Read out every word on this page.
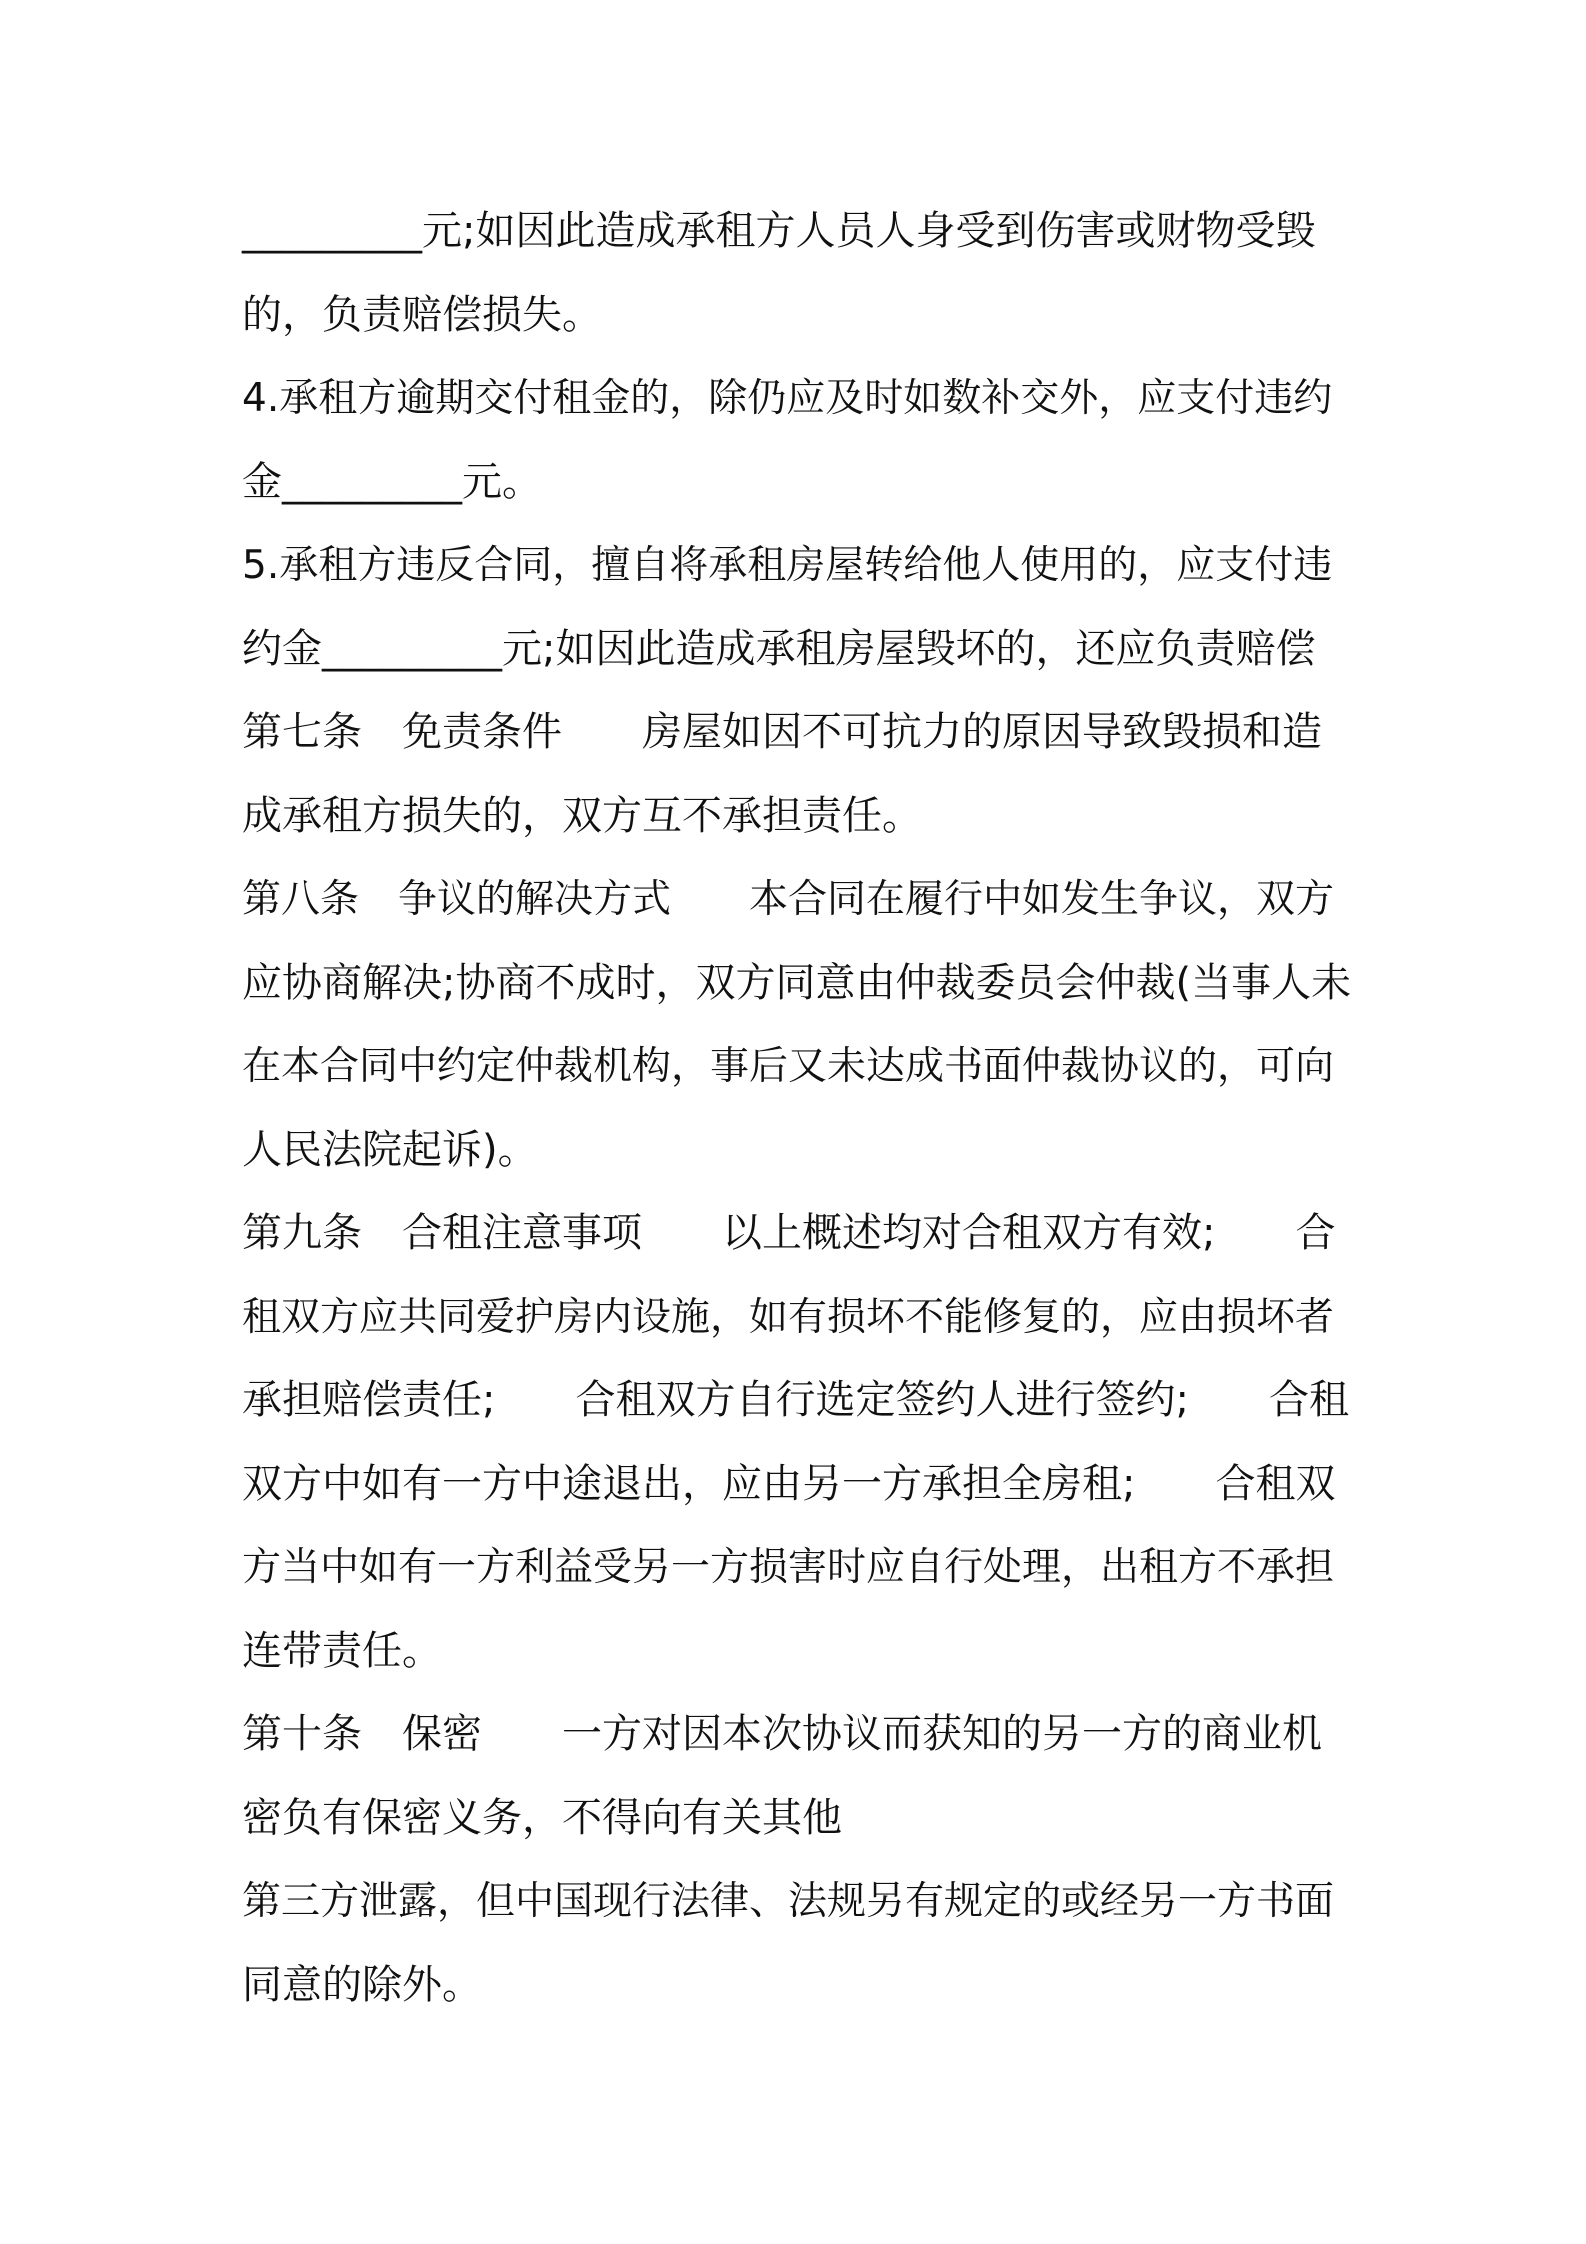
_________元;如因此造成承租方人员人身受到伤害或财物受毁
的，负责赔偿损失。
4.承租方逾期交付租金的，除仍应及时如数补交外，应支付违约
金_________元。
5.承租方违反合同，擅自将承租房屋转给他人使用的，应支付违
约金_________元;如因此造成承租房屋毁坏的，还应负责赔偿
第七条　免责条件　　房屋如因不可抗力的原因导致毁损和造
成承租方损失的，双方互不承担责任。
第八条　争议的解决方式　　本合同在履行中如发生争议，双方
应协商解决;协商不成时，双方同意由仲裁委员会仲裁(当事人未
在本合同中约定仲裁机构，事后又未达成书面仲裁协议的，可向
人民法院起诉)。
第九条　合租注意事项　　以上概述均对合租双方有效;　　合
租双方应共同爱护房内设施，如有损坏不能修复的，应由损坏者
承担赔偿责任;　　合租双方自行选定签约人进行签约;　　合租
双方中如有一方中途退出，应由另一方承担全房租;　　合租双
方当中如有一方利益受另一方损害时应自行处理，出租方不承担
连带责任。
第十条　保密　　一方对因本次协议而获知的另一方的商业机
密负有保密义务，不得向有关其他
第三方泄露，但中国现行法律、法规另有规定的或经另一方书面
同意的除外。
